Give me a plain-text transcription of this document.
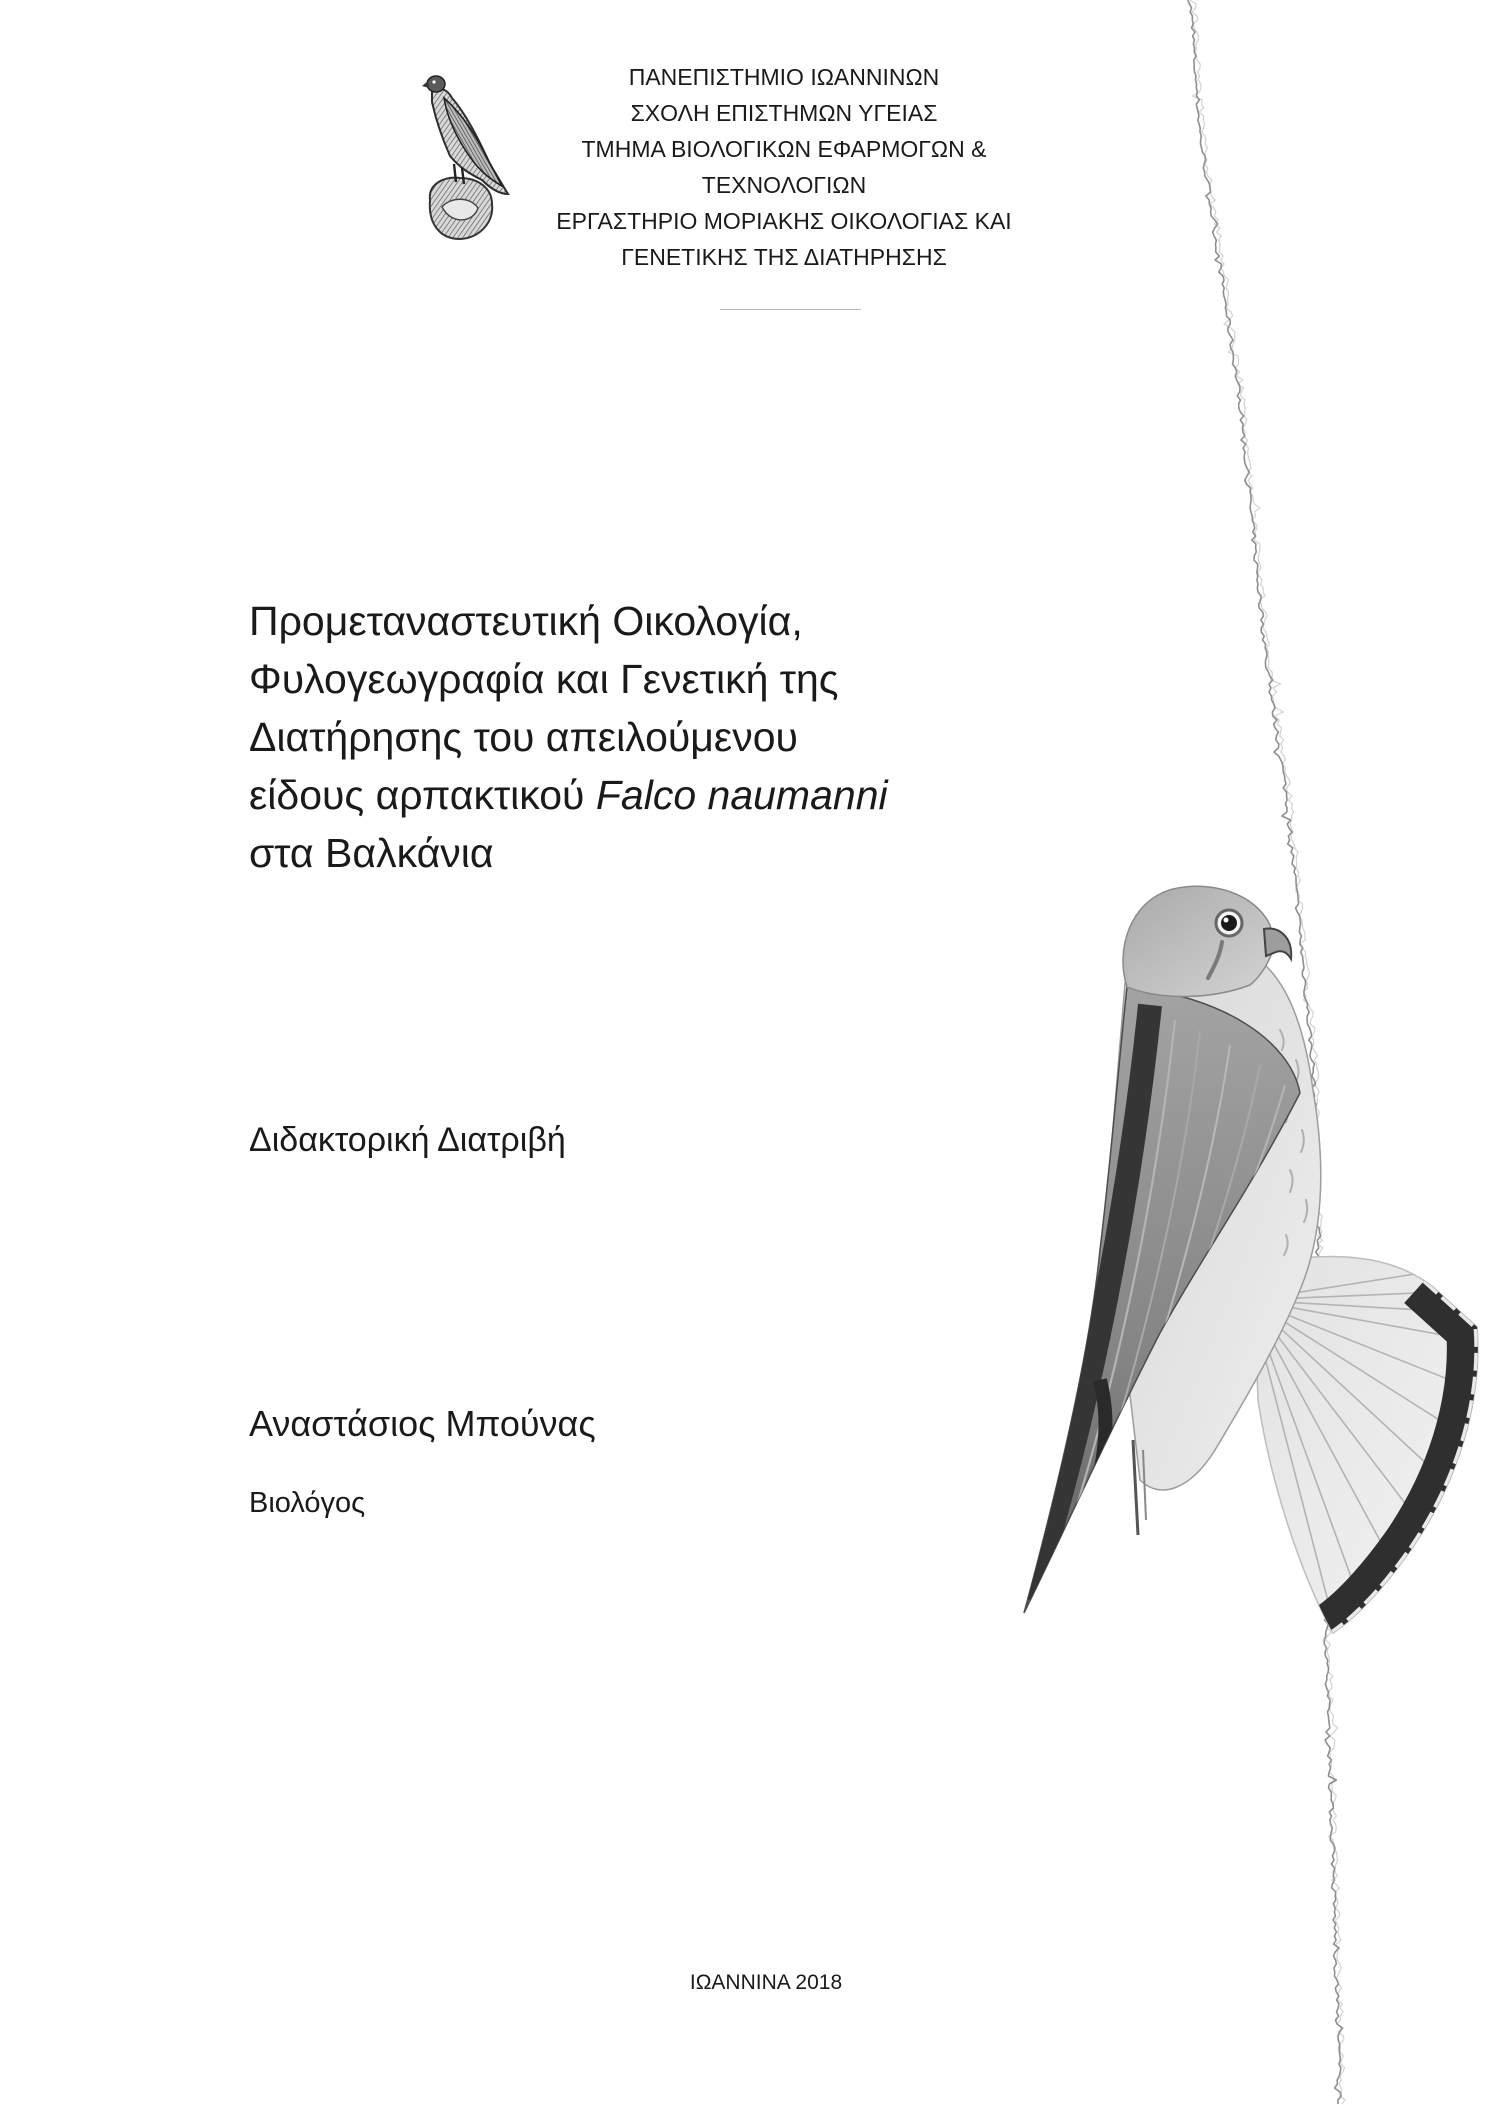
ΠΑΝΕΠΙΣΤΗΜΙΟ ΙΩΑΝΝΙΝΩΝ
ΣΧΟΛΗ ΕΠΙΣΤΗΜΩΝ ΥΓΕΙΑΣ
ΤΜΗΜΑ ΒΙΟΛΟΓΙΚΩΝ ΕΦΑΡΜΟΓΩΝ &
ΤΕΧΝΟΛΟΓΙΩΝ
ΕΡΓΑΣΤΗΡΙΟ ΜΟΡΙΑΚΗΣ ΟΙΚΟΛΟΓΙΑΣ ΚΑΙ
ΓΕΝΕΤΙΚΗΣ ΤΗΣ ΔΙΑΤΗΡΗΣΗΣ
Προμεταναστευτική Οικολογία,
Φυλογεωγραφία και Γενετική της
Διατήρησης του απειλούμενου
είδους αρπακτικού Falco naumanni
στα Βαλκάνια
Διδακτορική Διατριβή
Αναστάσιος Μπούνας
Βιολόγος
ΙΩΑΝΝΙΝΑ 2018
